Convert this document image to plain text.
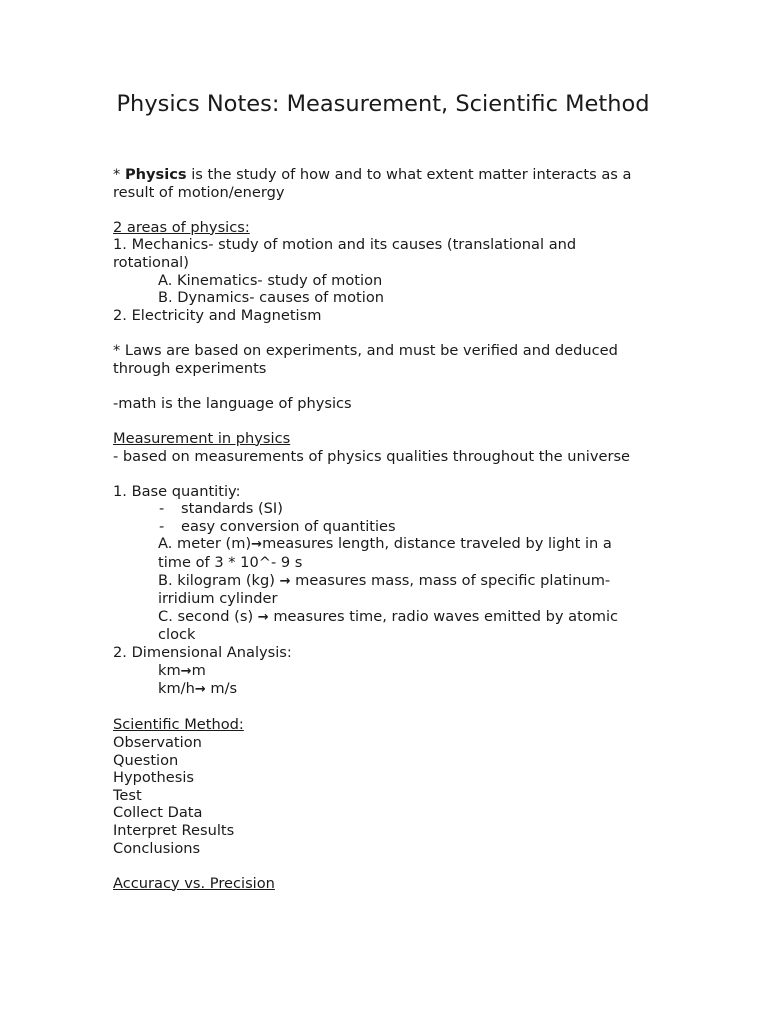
Physics Notes: Measurement, Scientific Method

* Physics is the study of how and to what extent matter interacts as a result of motion/energy

2 areas of physics:

1. Mechanics- study of motion and its causes (translational and rotational)

A. Kinematics- study of motion

B. Dynamics- causes of motion

2. Electricity and Magnetism

* Laws are based on experiments, and must be verified and deduced through experiments

-math is the language of physics

Measurement in physics

- based on measurements of physics qualities throughout the universe

1. Base quantitiy:

- standards (SI)

- easy conversion of quantities

A. meter (m)→measures length, distance traveled by light in a time of 3 * 10^- 9 s

B. kilogram (kg) → measures mass, mass of specific platinum-irridium cylinder

C. second (s) → measures time, radio waves emitted by atomic clock

2. Dimensional Analysis:

km→m

km/h→ m/s

Scientific Method:

Observation

Question

Hypothesis

Test

Collect Data

Interpret Results

Conclusions

Accuracy vs. Precision
